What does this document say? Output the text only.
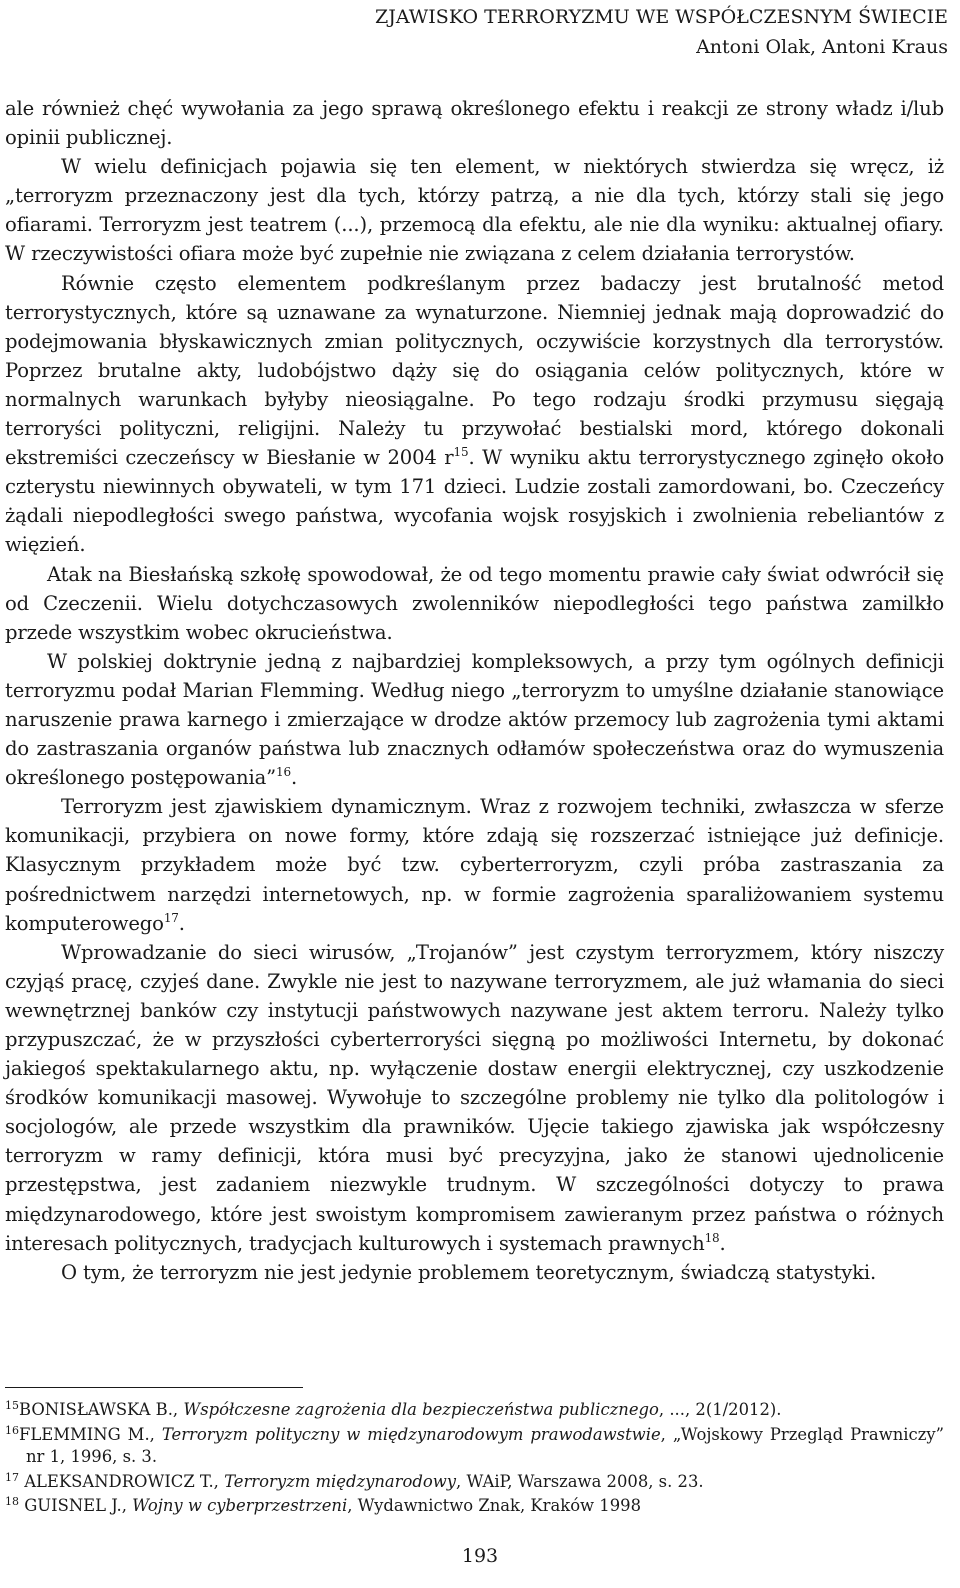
ZJAWISKO TERRORYZMU WE WSPÓŁCZESNYM ŚWIECIE
Antoni Olak, Antoni Kraus

ale również chęć wywołania za jego sprawą określonego efektu i reakcji ze strony władz i/lub opinii publicznej.

W wielu definicjach pojawia się ten element, w niektórych stwierdza się wręcz, iż „terroryzm przeznaczony jest dla tych, którzy patrzą, a nie dla tych, którzy stali się jego ofiarami. Terroryzm jest teatrem (...), przemocą dla efektu, ale nie dla wyniku: aktualnej ofiary. W rzeczywistości ofiara może być zupełnie nie związana z celem działania terrorystów.

Równie często elementem podkreślanym przez badaczy jest brutalność metod terrorystycznych, które są uznawane za wynaturzone. Niemniej jednak mają doprowadzić do podejmowania błyskawicznych zmian politycznych, oczywiście korzystnych dla terrorystów. Poprzez brutalne akty, ludobójstwo dąży się do osiągania celów politycznych, które w normalnych warunkach byłyby nieosiągalne. Po tego rodzaju środki przymusu sięgają terroryści polityczni, religijni. Należy tu przywołać bestialski mord, którego dokonali ekstremiści czeczeńscy w Biesłanie w 2004 $r^{15}$. W wyniku aktu terrorystycznego zginęło około czterystu niewinnych obywateli, w tym 171 dzieci. Ludzie zostali zamordowani, bo. Czeczeńcy żądali niepodległości swego państwa, wycofania wojsk rosyjskich i zwolnienia rebeliantów z więzień.

Atak na Biesłańską szkołę spowodował, że od tego momentu prawie cały świat odwrócił się od Czeczenii. Wielu dotychczasowych zwolenników niepodległości tego państwa zamilkło przede wszystkim wobec okrucieństwa.

W polskiej doktrynie jedną z najbardziej kompleksowych, a przy tym ogólnych definicji terroryzmu podał Marian Flemming. Według niego „terroryzm to umyślne działanie stanowiące naruszenie prawa karnego i zmierzające w drodze aktów przemocy lub zagrożenia tymi aktami do zastraszania organów państwa lub znacznych odłamów społeczeństwa oraz do wymuszenia określonego postępowania”$^{16}$.

Terroryzm jest zjawiskiem dynamicznym. Wraz z rozwojem techniki, zwłaszcza w sferze komunikacji, przybiera on nowe formy, które zdają się rozszerzać istniejące już definicje. Klasycznym przykładem może być tzw. cyberterroryzm, czyli próba zastraszania za pośrednictwem narzędzi internetowych, np. w formie zagrożenia sparaliżowaniem systemu komputerowego$^{17}$.

Wprowadzanie do sieci wirusów, „Trojanów” jest czystym terroryzmem, który niszczy czyjąś pracę, czyjeś dane. Zwykle nie jest to nazywane terroryzmem, ale już włamania do sieci wewnętrznej banków czy instytucji państwowych nazywane jest aktem terroru. Należy tylko przypuszczać, że w przyszłości cyberterroryści sięgną po możliwości Internetu, by dokonać jakiegoś spektakularnego aktu, np. wyłączenie dostaw energii elektrycznej, czy uszkodzenie środków komunikacji masowej. Wywołuje to szczególne problemy nie tylko dla politologów i socjologów, ale przede wszystkim dla prawników. Ujęcie takiego zjawiska jak współczesny terroryzm w ramy definicji, która musi być precyzyjna, jako że stanowi ujednolicenie przestępstwa, jest zadaniem niezwykle trudnym. W szczególności dotyczy to prawa międzynarodowego, które jest swoistym kompromisem zawieranym przez państwa o różnych interesach politycznych, tradycjach kulturowych i systemach prawnych$^{18}$.

O tym, że terroryzm nie jest jedynie problemem teoretycznym, świadczą statystyki.

$^{15}$BONISŁAWSKA B., Współczesne zagrożenia dla bezpieczeństwa publicznego, ..., 2(1/2012).

$^{16}$FLEMMING M., Terroryzm polityczny w międzynarodowym prawodawstwie, „Wojskowy Przegląd Prawniczy” nr 1, 1996, s. 3.

$^{17}$ ALEKSANDROWICZ T., Terroryzm międzynarodowy, WAiP, Warszawa 2008, s. 23.

$^{18}$ GUISNEL J., Wojny w cyberprzestrzeni, Wydawnictwo Znak, Kraków 1998

193
